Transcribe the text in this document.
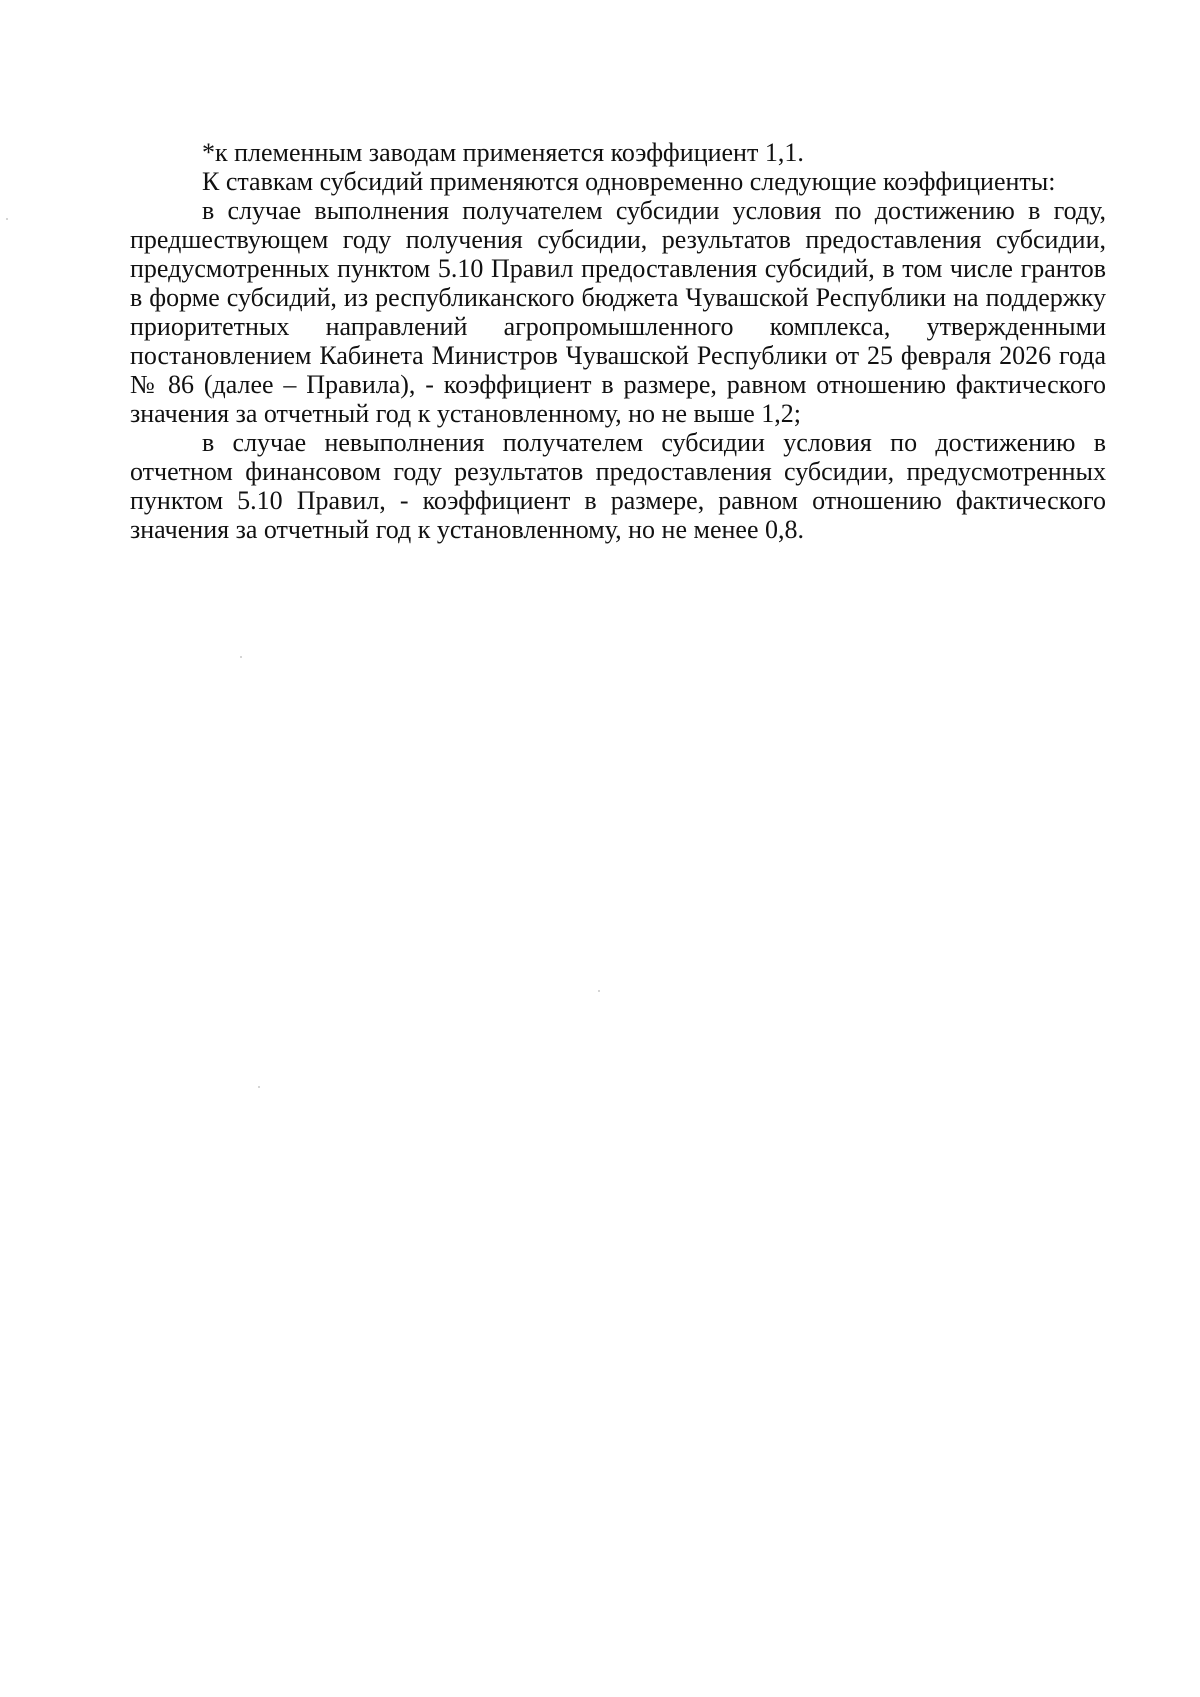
*к племенным заводам применяется коэффициент 1,1.

К ставкам субсидий применяются одновременно следующие коэффициенты:

в случае выполнения получателем субсидии условия по достижению в году, предшествующем году получения субсидии, результатов предоставления субсидии, предусмотренных пунктом 5.10 Правил предоставления субсидий, в том числе грантов в форме субсидий, из республиканского бюджета Чувашской Республики на поддержку приоритетных направлений агропромышленного комплекса, утвержденными постановлением Кабинета Министров Чувашской Республики от 25 февраля 2026 года № 86 (далее – Правила), - коэффициент в размере, равном отношению фактического значения за отчетный год к установленному, но не выше 1,2;

в случае невыполнения получателем субсидии условия по достижению в отчетном финансовом году результатов предоставления субсидии, предусмотренных пунктом 5.10 Правил, - коэффициент в размере, равном отношению фактического значения за отчетный год к установленному, но не менее 0,8.
